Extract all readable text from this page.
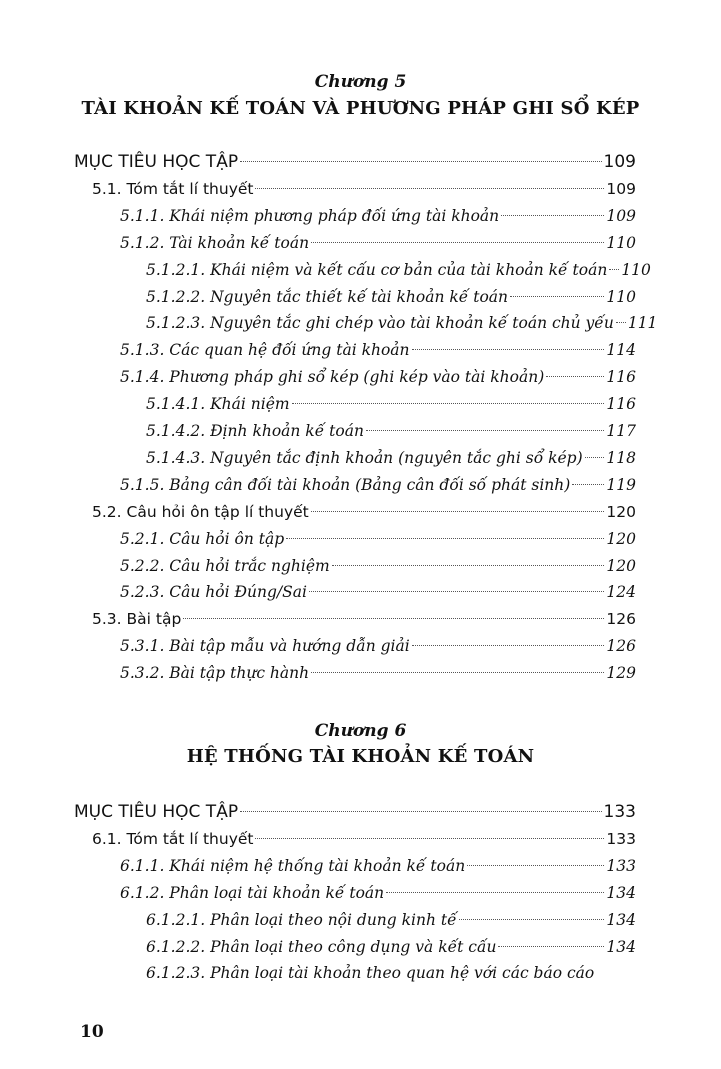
Chương 5
TÀI KHOẢN KẾ TOÁN VÀ PHƯƠNG PHÁP GHI SỔ KÉP
MỤC TIÊU HỌC TẬP	109
5.1. Tóm tắt lí thuyết	109
5.1.1. Khái niệm phương pháp đối ứng tài khoản	109
5.1.2. Tài khoản kế toán	110
5.1.2.1. Khái niệm và kết cấu cơ bản của tài khoản kế toán 110
5.1.2.2. Nguyên tắc thiết kế tài khoản kế toán	110
5.1.2.3. Nguyên tắc ghi chép vào tài khoản kế toán chủ yếu 111
5.1.3. Các quan hệ đối ứng tài khoản	114
5.1.4. Phương pháp ghi sổ kép (ghi kép vào tài khoản)	116
5.1.4.1. Khái niệm	116
5.1.4.2. Định khoản kế toán	117
5.1.4.3. Nguyên tắc định khoản (nguyên tắc ghi sổ kép) 118
5.1.5. Bảng cân đối tài khoản (Bảng cân đối số phát sinh) 119
5.2. Câu hỏi ôn tập lí thuyết	120
5.2.1. Câu hỏi ôn tập	120
5.2.2. Câu hỏi trắc nghiệm	120
5.2.3. Câu hỏi Đúng/Sai	124
5.3. Bài tập	126
5.3.1. Bài tập mẫu và hướng dẫn giải	126
5.3.2. Bài tập thực hành	129
Chương 6
HỆ THỐNG TÀI KHOẢN KẾ TOÁN
MỤC TIÊU HỌC TẬP	133
6.1. Tóm tắt lí thuyết	133
6.1.1. Khái niệm hệ thống tài khoản kế toán	133
6.1.2. Phân loại tài khoản kế toán	134
6.1.2.1. Phân loại theo nội dung kinh tế	134
6.1.2.2. Phân loại theo công dụng và kết cấu	134
6.1.2.3. Phân loại tài khoản theo quan hệ với các báo cáo
10
